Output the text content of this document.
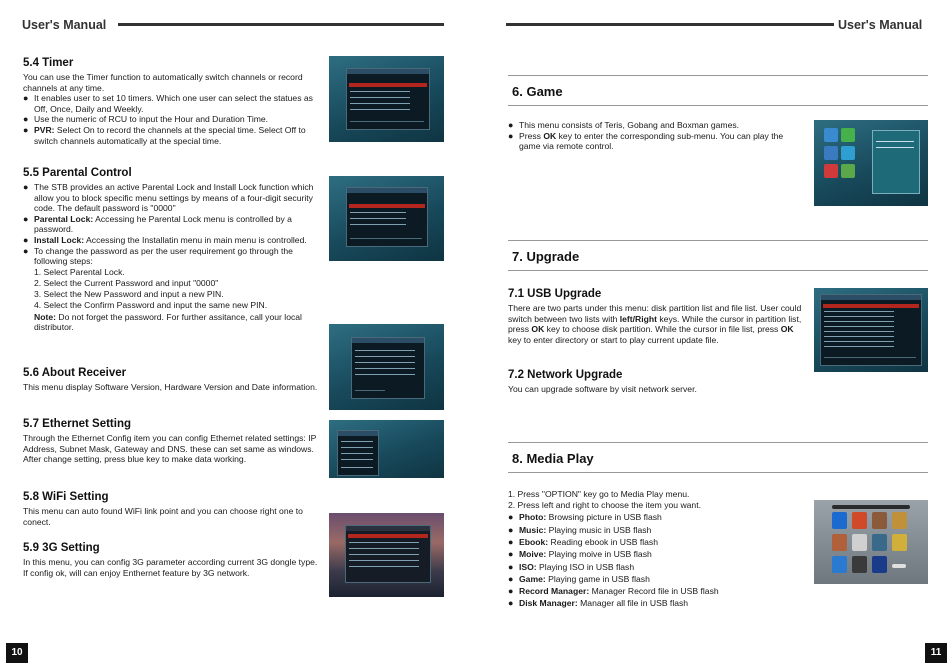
User's Manual	User's Manual

5.4 Timer

You can use the Timer function to automatically switch channels or record channels at any time.

● It enables user to set 10 timers. Which one user can select the statues as Off, Once, Daily and Weekly.
● Use the numeric of RCU to input the Hour and Duration Time.
● PVR: Select On to record the channels at the special time. Select Off to switch channels automatically at the special time.

5.5 Parental Control

● The STB provides an active Parental Lock and Install Lock function which allow you to block specific menu settings by means of a four-digit security code. The default password is "0000"
● Parental Lock: Accessing he Parental Lock menu is controlled by a password.
● Install Lock: Accessing the Installatin menu in main menu is controlled.
● To change the password as per the user requirement go through the following steps:
1. Select Parental Lock.
2. Select the Current Password and input "0000"
3. Select the New Password and input a new PIN.
4. Select the Confirm Password and input the same new PIN.
Note: Do not forget the password. For further assitance, call your local distributor.

5.6 About Receiver

This menu display Software Version, Hardware Version and Date information.

5.7 Ethernet Setting

Through the Ethernet Config item you can config Ethernet related settings: IP Address, Subnet Mask, Gateway and DNS. these can set same as windows.

After change setting, press blue key to make data working.

5.8 WiFi Setting

This menu can auto found WiFi link point and you can choose right one to conect.

5.9 3G Setting

In this menu, you can config 3G parameter according current 3G dongle type.

If config ok, will can enjoy Enthernet feature by 3G network.

10
6. Game
● This menu consists of Teris, Gobang and Boxman games.
● Press OK key to enter the corresponding sub-menu. You can play the game via remote control.
7. Upgrade

7.1 USB Upgrade

There are two parts under this menu: disk partition list and file list. User could switch between two lists with left/Right keys. While the cursor in partition list, press OK key to choose disk partition. While the cursor in file list, press OK key to enter directory or start to play current update file.

7.2 Network Upgrade

You can upgrade software by visit network server.

8. Media Play
1. Press "OPTION" key go to Media Play menu.
2. Press left and right to choose the item you want.
● Photo: Browsing picture in USB flash
● Music: Playing music in USB flash
● Ebook: Reading ebook in USB flash
● Moive: Playing moive in USB flash
● ISO: Playing ISO in USB flash
● Game: Playing game in USB flash
● Record Manager: Manager Record file in USB flash
● Disk Manager: Manager all file in USB flash
11
